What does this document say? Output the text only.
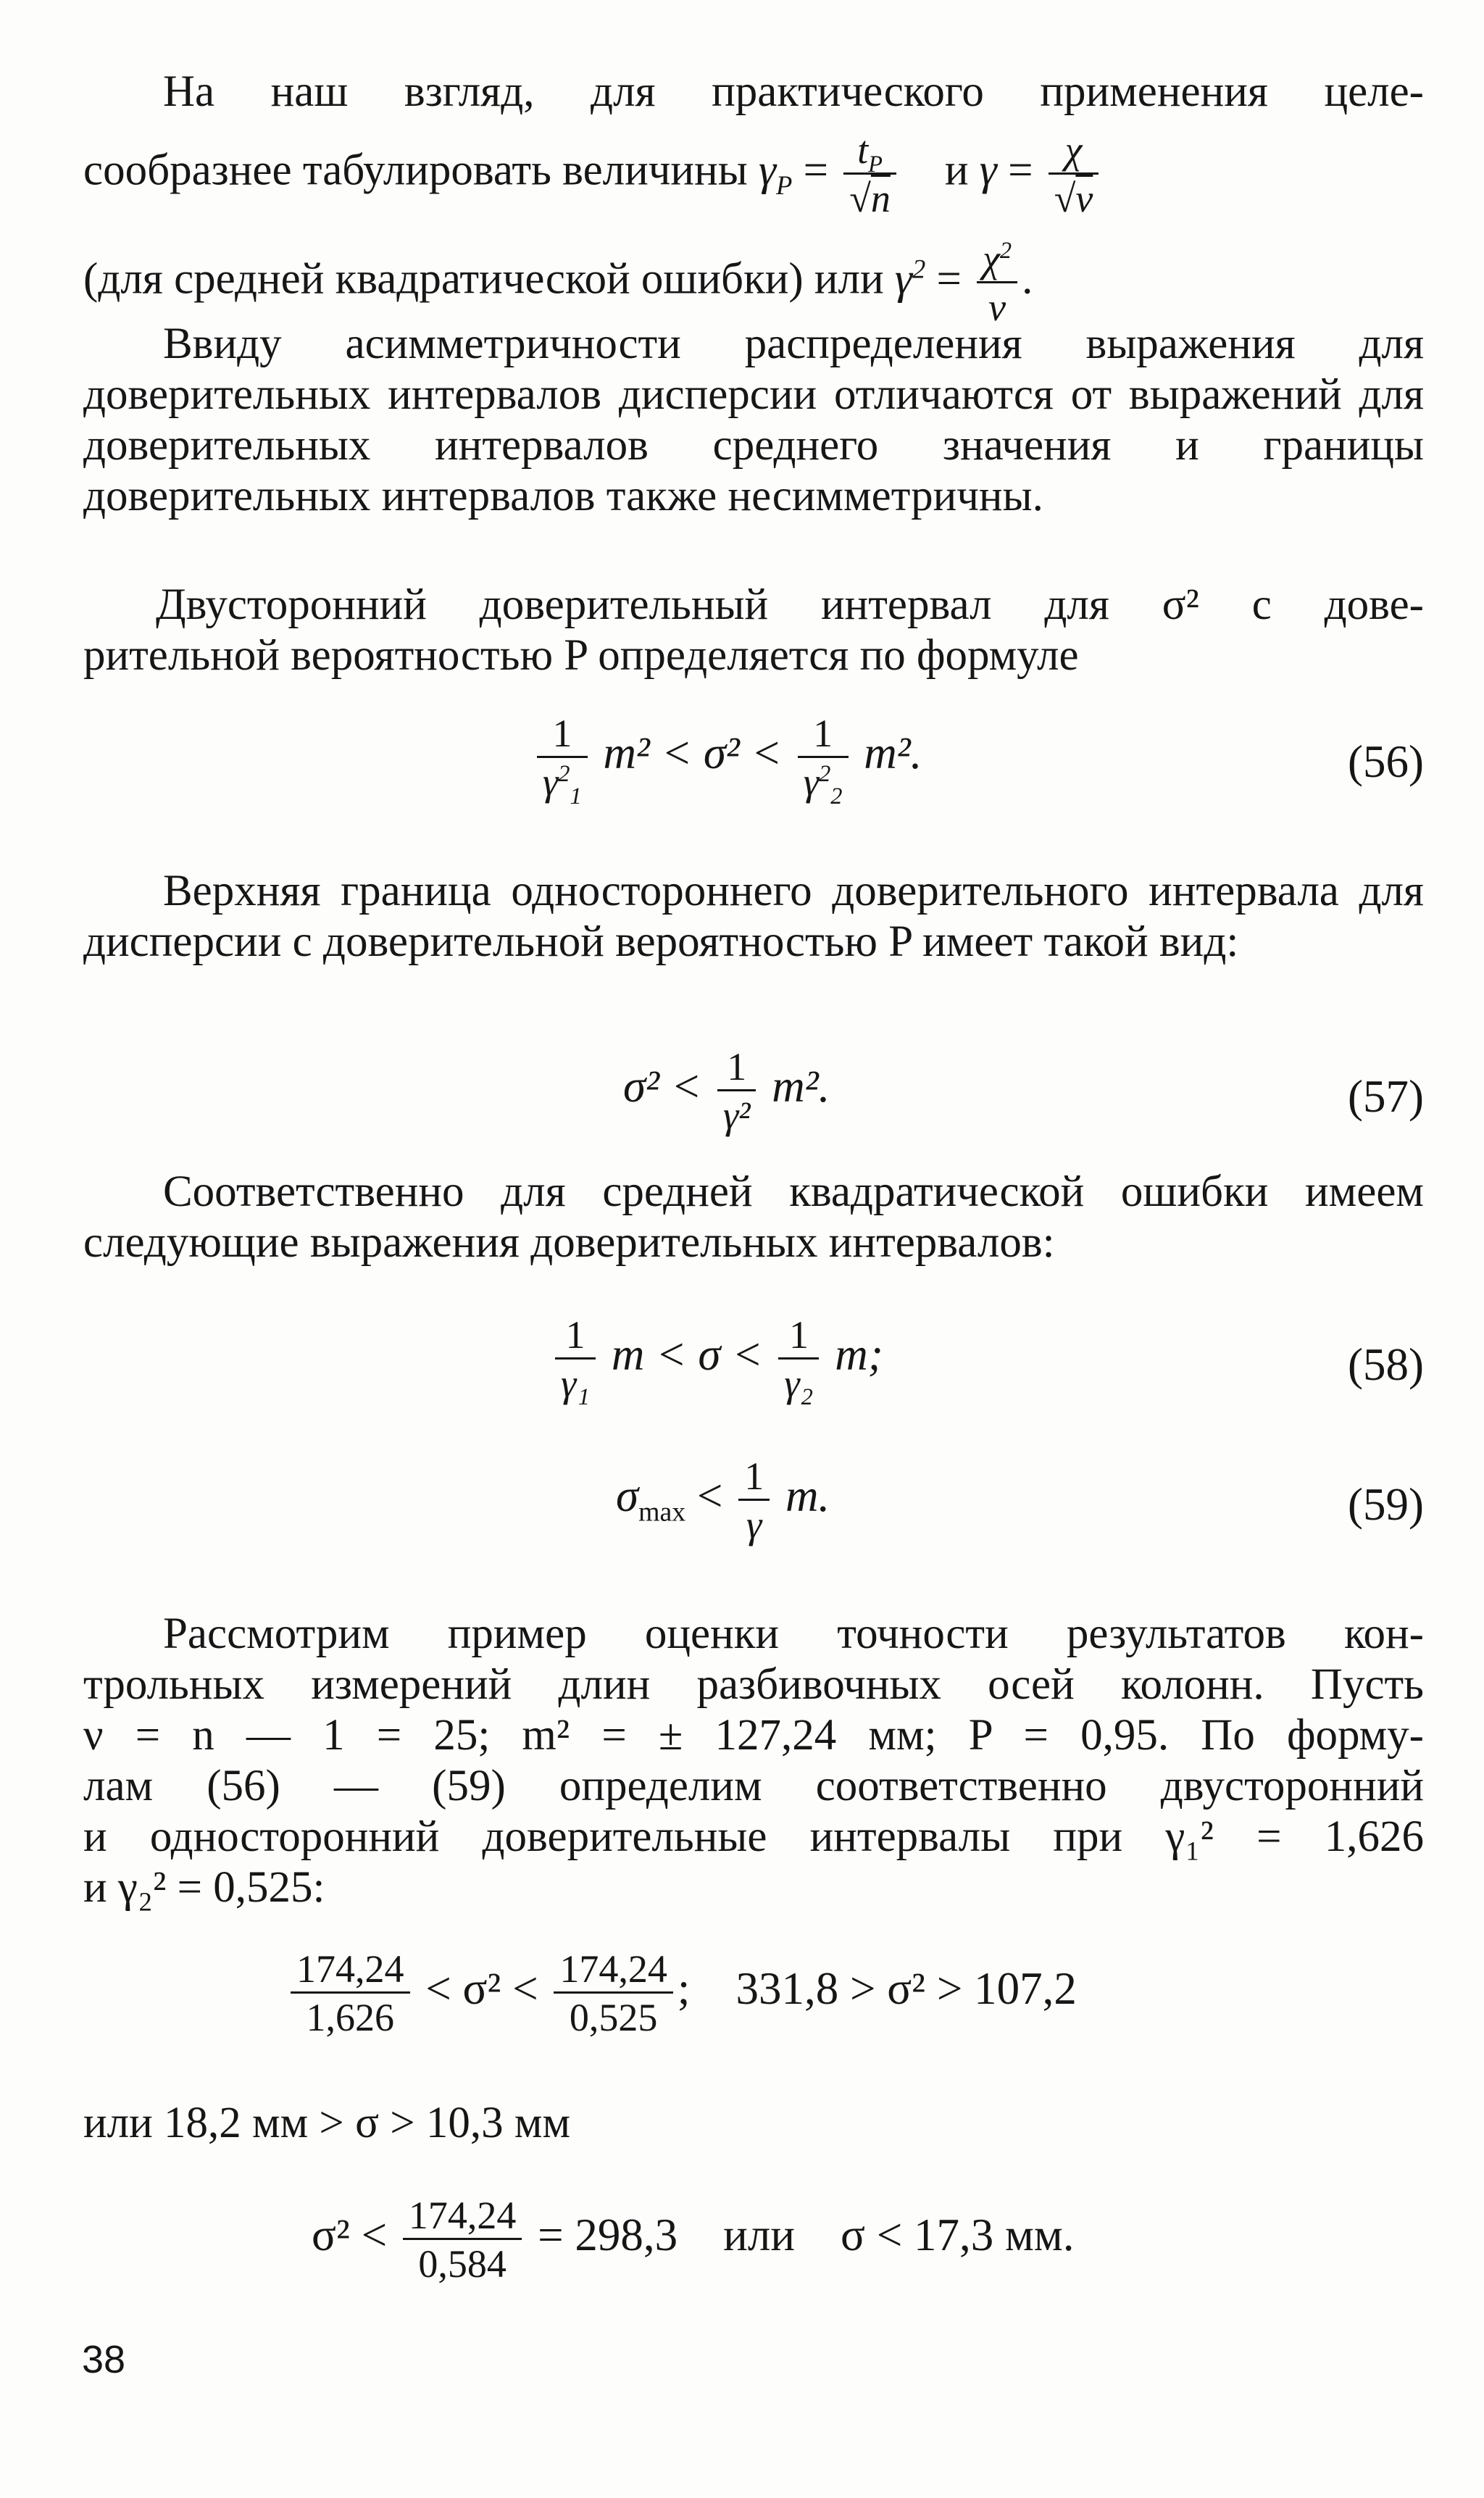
На наш взгляд, для практического применения целе-
сообразнее табулировать величины $\gamma_P = \frac{t_P}{√n}$ и $\gamma = \frac{\chi}{√\nu}$
(для средней квадратической ошибки) или $\gamma^2 = \frac{\chi^2}{\nu}$ .

Ввиду асимметричности распределения выражения для доверительных интервалов дисперсии отличаются от выражений для доверительных интервалов среднего значения и границы доверительных интервалов также несимметричны.

Двусторонний доверительный интервал для σ² с дове-
рительной вероятностью P определяется по формуле
$\frac{1}{\gamma^2_1} m^2 < \sigma^2 < \frac{1}{\gamma^2_2} m^2$.	(56)

Верхняя граница одностороннего доверительного интервала для дисперсии с доверительной вероятностью P имеет такой вид:

$\sigma^2 < \frac{1}{\text{γ²}} m^2$.	(57)

Соответственно для средней квадратической ошибки имеем следующие выражения доверительных интервалов:

$\frac{1}{\text{γ₁}}$ $m < \sigma < \frac{1}{\text{γ₂}} m$;	(58)
$\sigma_{max} < \frac{1}{\gamma} m$.	(59)
Рассмотрим пример оценки точности результатов кон-
трольных измерений длин разбивочных осей колонн. Пусть
ν = n — 1 = 25; m² = ± 127,24 мм; P = 0,95. По форму-
лам (56) — (59) определим соответственно двусторонний
и односторонний доверительные интервалы при γ₁² = 1,626
и γ₂² = 0,525:
$\frac{174,24}{1,626} < \sigma^2 < \frac{174,24}{0,525}$ ; 331,8 > σ² > 107,2
или 18,2 мм > σ > 10,3 мм
$\sigma^2 < \frac{174,24}{0,584} = 298,3$ или σ < 17,3 мм.
38
